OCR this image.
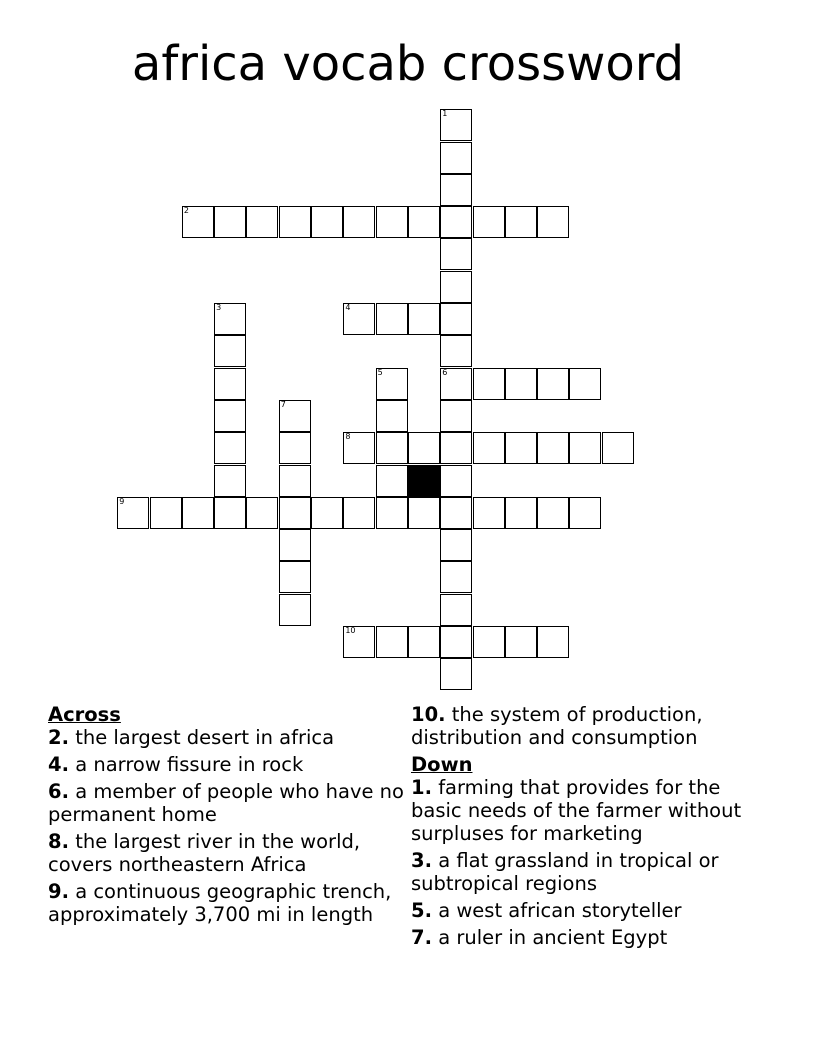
africa vocab crossword
1
2
3	4
5	6
7
8
9
10
Across
2. the largest desert in africa
4. a narrow fissure in rock
6. a member of people who have no permanent home
8. the largest river in the world, covers northeastern Africa
9. a continuous geographic trench, approximately 3,700 mi in length
10. the system of production, distribution and consumption
Down
1. farming that provides for the basic needs of the farmer without surpluses for marketing
3. a flat grassland in tropical or subtropical regions
5. a west african storyteller
7. a ruler in ancient Egypt
